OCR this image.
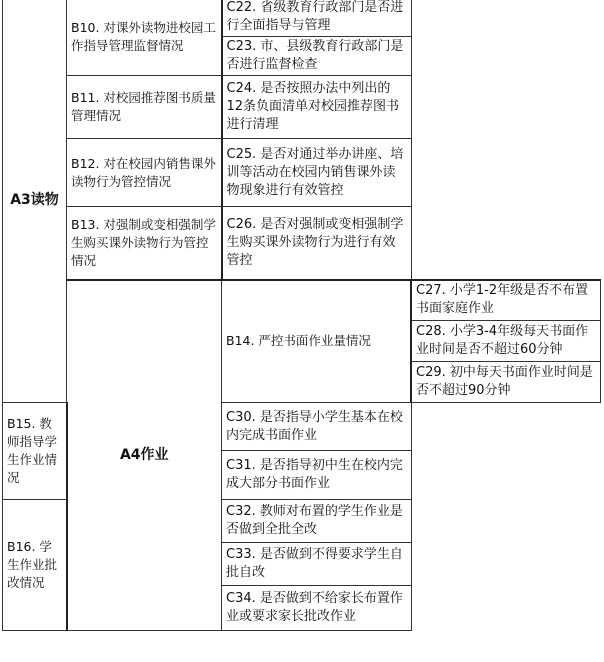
A3读物	B10. 对课外读物进校园工作指导管理监督情况	C22. 省级教育行政部门是否进行全面指导与管理	
		C23. 市、县级教育行政部门是否进行监督检查	
	B11. 对校园推荐图书质量管理情况	C24. 是否按照办法中列出的12条负面清单对校园推荐图书进行清理	
	B12. 对在校园内销售课外读物行为管控情况	C25. 是否对通过举办讲座、培训等活动在校园内销售课外读物现象进行有效管控	
	B13. 对强制或变相强制学生购买课外读物行为管控情况	C26. 是否对强制或变相强制学生购买课外读物行为进行有效管控	
	A4作业	B14. 严控书面作业量情况	C27. 小学1-2年级是否不布置书面家庭作业
			C28. 小学3-4年级每天书面作业时间是否不超过60分钟
			C29. 初中每天书面作业时间是否不超过90分钟
B15. 教师指导学生作业情况		C30. 是否指导小学生基本在校内完成书面作业	
		C31. 是否指导初中生在校内完成大部分书面作业	
B16. 学生作业批改情况		C32. 教师对布置的学生作业是否做到全批全改	
		C33. 是否做到不得要求学生自批自改	
		C34. 是否做到不给家长布置作业或要求家长批改作业	
